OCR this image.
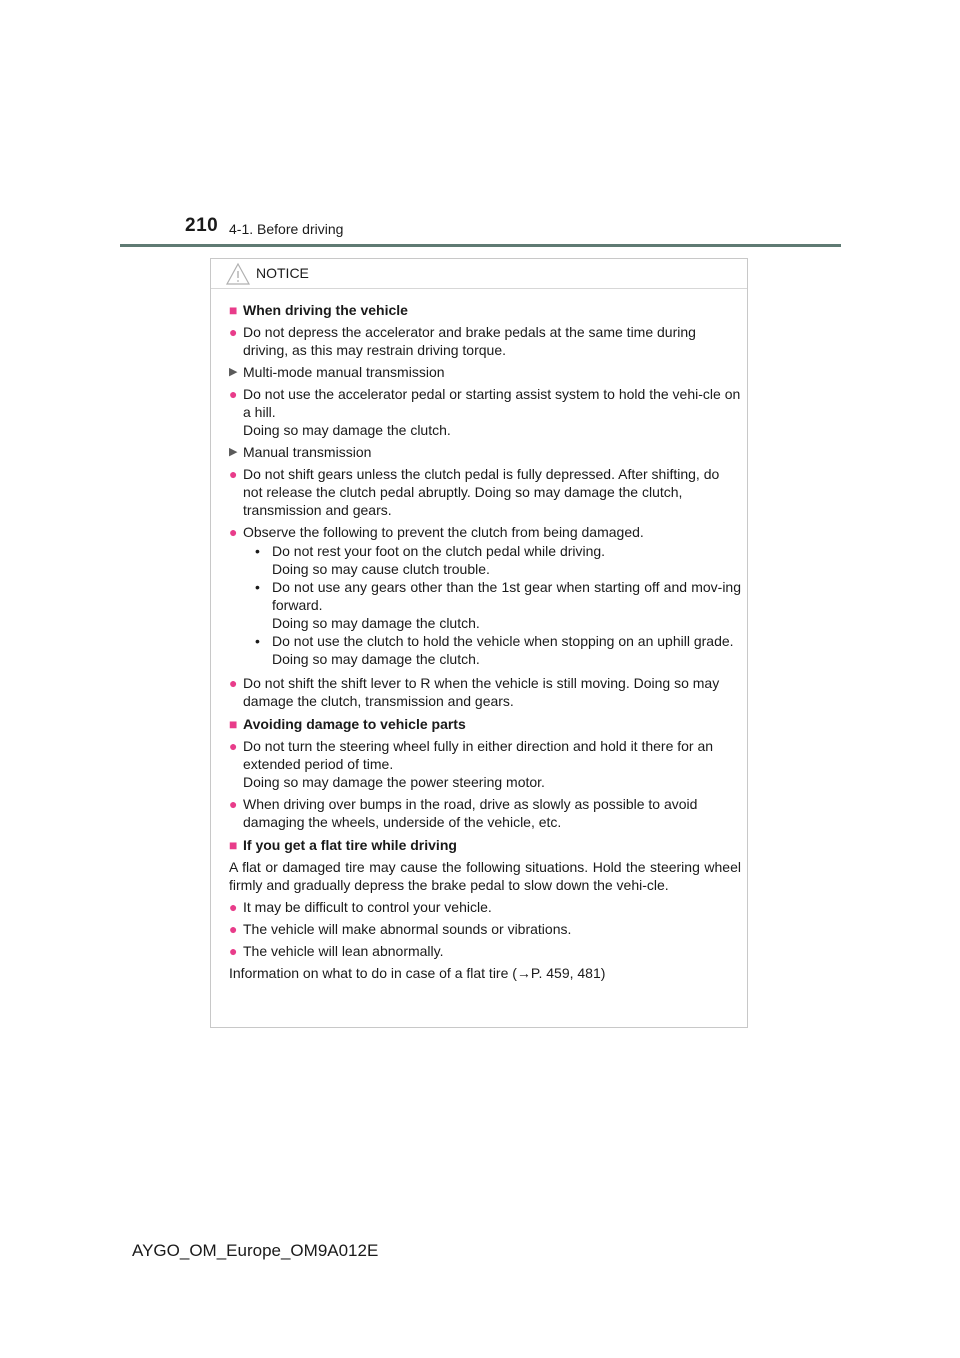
210 4-1. Before driving
NOTICE
■ When driving the vehicle
● Do not depress the accelerator and brake pedals at the same time during driving, as this may restrain driving torque.
▶ Multi-mode manual transmission
● Do not use the accelerator pedal or starting assist system to hold the vehi-cle on a hill.
Doing so may damage the clutch.
▶ Manual transmission
● Do not shift gears unless the clutch pedal is fully depressed. After shifting, do not release the clutch pedal abruptly. Doing so may damage the clutch, transmission and gears.
● Observe the following to prevent the clutch from being damaged.
• Do not rest your foot on the clutch pedal while driving.
Doing so may cause clutch trouble.
• Do not use any gears other than the 1st gear when starting off and mov-ing forward.
Doing so may damage the clutch.
• Do not use the clutch to hold the vehicle when stopping on an uphill grade.
Doing so may damage the clutch.
● Do not shift the shift lever to R when the vehicle is still moving. Doing so may damage the clutch, transmission and gears.
■ Avoiding damage to vehicle parts
● Do not turn the steering wheel fully in either direction and hold it there for an extended period of time.
Doing so may damage the power steering motor.
● When driving over bumps in the road, drive as slowly as possible to avoid damaging the wheels, underside of the vehicle, etc.
■ If you get a flat tire while driving
A flat or damaged tire may cause the following situations. Hold the steering wheel firmly and gradually depress the brake pedal to slow down the vehi-cle.
● It may be difficult to control your vehicle.
● The vehicle will make abnormal sounds or vibrations.
● The vehicle will lean abnormally.
Information on what to do in case of a flat tire (→P. 459, 481)
AYGO_OM_Europe_OM9A012E
